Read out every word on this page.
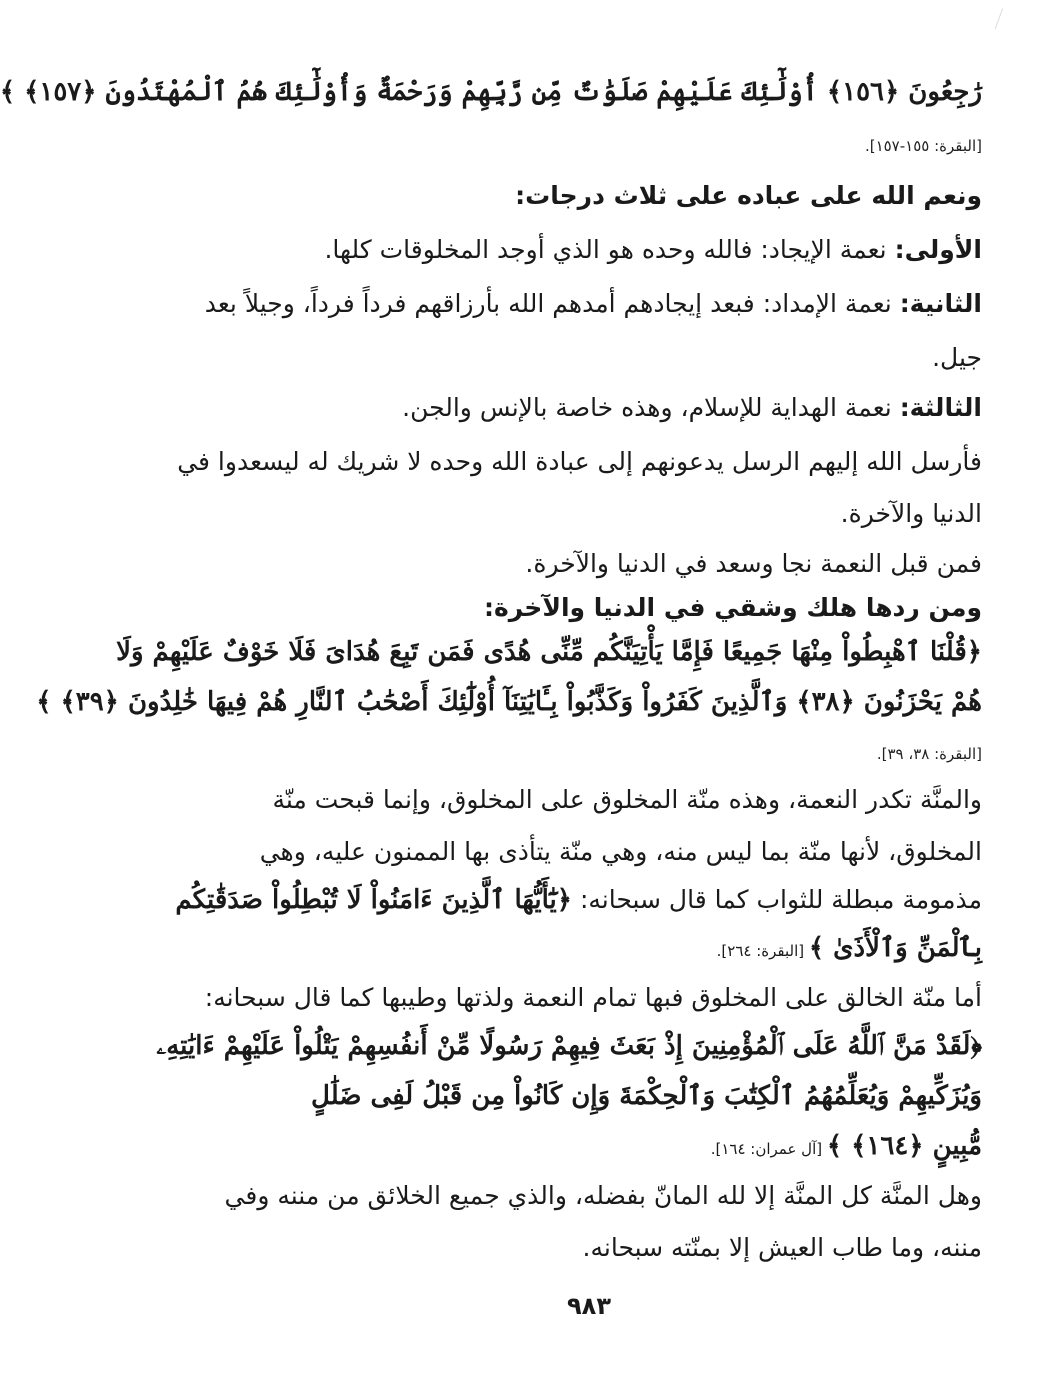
رَٰجِعُونَ ﴿١٥٦﴾ أُوْلَٰٓئِكَ عَلَيْهِمْ صَلَوَٰتٌ مِّن رَّبِّهِمْ وَرَحْمَةٌ وَأُوْلَٰٓئِكَ هُمُ ٱلْمُهْتَدُونَ ﴿١٥٧﴾ ﴾
[البقرة: ١٥٥-١٥٧].
ونعم الله على عباده على ثلاث درجات:
الأولى: نعمة الإيجاد: فالله وحده هو الذي أوجد المخلوقات كلها.
الثانية: نعمة الإمداد: فبعد إيجادهم أمدهم الله بأرزاقهم فرداً فرداً، وجيلاً بعد
جيل.
الثالثة: نعمة الهداية للإسلام، وهذه خاصة بالإنس والجن.
فأرسل الله إليهم الرسل يدعونهم إلى عبادة الله وحده لا شريك له ليسعدوا في
الدنيا والآخرة.
فمن قبل النعمة نجا وسعد في الدنيا والآخرة.
ومن ردها هلك وشقي في الدنيا والآخرة:
﴿قُلْنَا ٱهْبِطُواْ مِنْهَا جَمِيعًا فَإِمَّا يَأْتِيَنَّكُم مِّنِّى هُدًى فَمَن تَبِعَ هُدَاىَ فَلَا خَوْفٌ عَلَيْهِمْ وَلَا
هُمْ يَحْزَنُونَ ﴿٣٨﴾ وَٱلَّذِينَ كَفَرُواْ وَكَذَّبُواْ بِـَٔايَٰتِنَآ أُوْلَٰٓئِكَ أَصْحَٰبُ ٱلنَّارِ هُمْ فِيهَا خَٰلِدُونَ ﴿٣٩﴾ ﴾
[البقرة: ٣٨، ٣٩].
والمنَّة تكدر النعمة، وهذه منّة المخلوق على المخلوق، وإنما قبحت منّة
المخلوق، لأنها منّة بما ليس منه، وهي منّة يتأذى بها الممنون عليه، وهي
مذمومة مبطلة للثواب كما قال سبحانه: ﴿يَٰٓأَيُّهَا ٱلَّذِينَ ءَامَنُواْ لَا تُبْطِلُواْ صَدَقَٰتِكُم
بِٱلْمَنِّ وَٱلْأَذَىٰ ﴾ [البقرة: ٢٦٤].
أما منّة الخالق على المخلوق فبها تمام النعمة ولذتها وطيبها كما قال سبحانه:
﴿لَقَدْ مَنَّ ٱللَّهُ عَلَى ٱلْمُؤْمِنِينَ إِذْ بَعَثَ فِيهِمْ رَسُولًا مِّنْ أَنفُسِهِمْ يَتْلُواْ عَلَيْهِمْ ءَايَٰتِهِۦ
وَيُزَكِّيهِمْ وَيُعَلِّمُهُمُ ٱلْكِتَٰبَ وَٱلْحِكْمَةَ وَإِن كَانُواْ مِن قَبْلُ لَفِى ضَلَٰلٍ
مُّبِينٍ ﴿١٦٤﴾ ﴾ [آل عمران: ١٦٤].
وهل المنَّة كل المنَّة إلا لله المانّ بفضله، والذي جميع الخلائق من مننه وفي
مننه، وما طاب العيش إلا بمنّته سبحانه.
٩٨٣
